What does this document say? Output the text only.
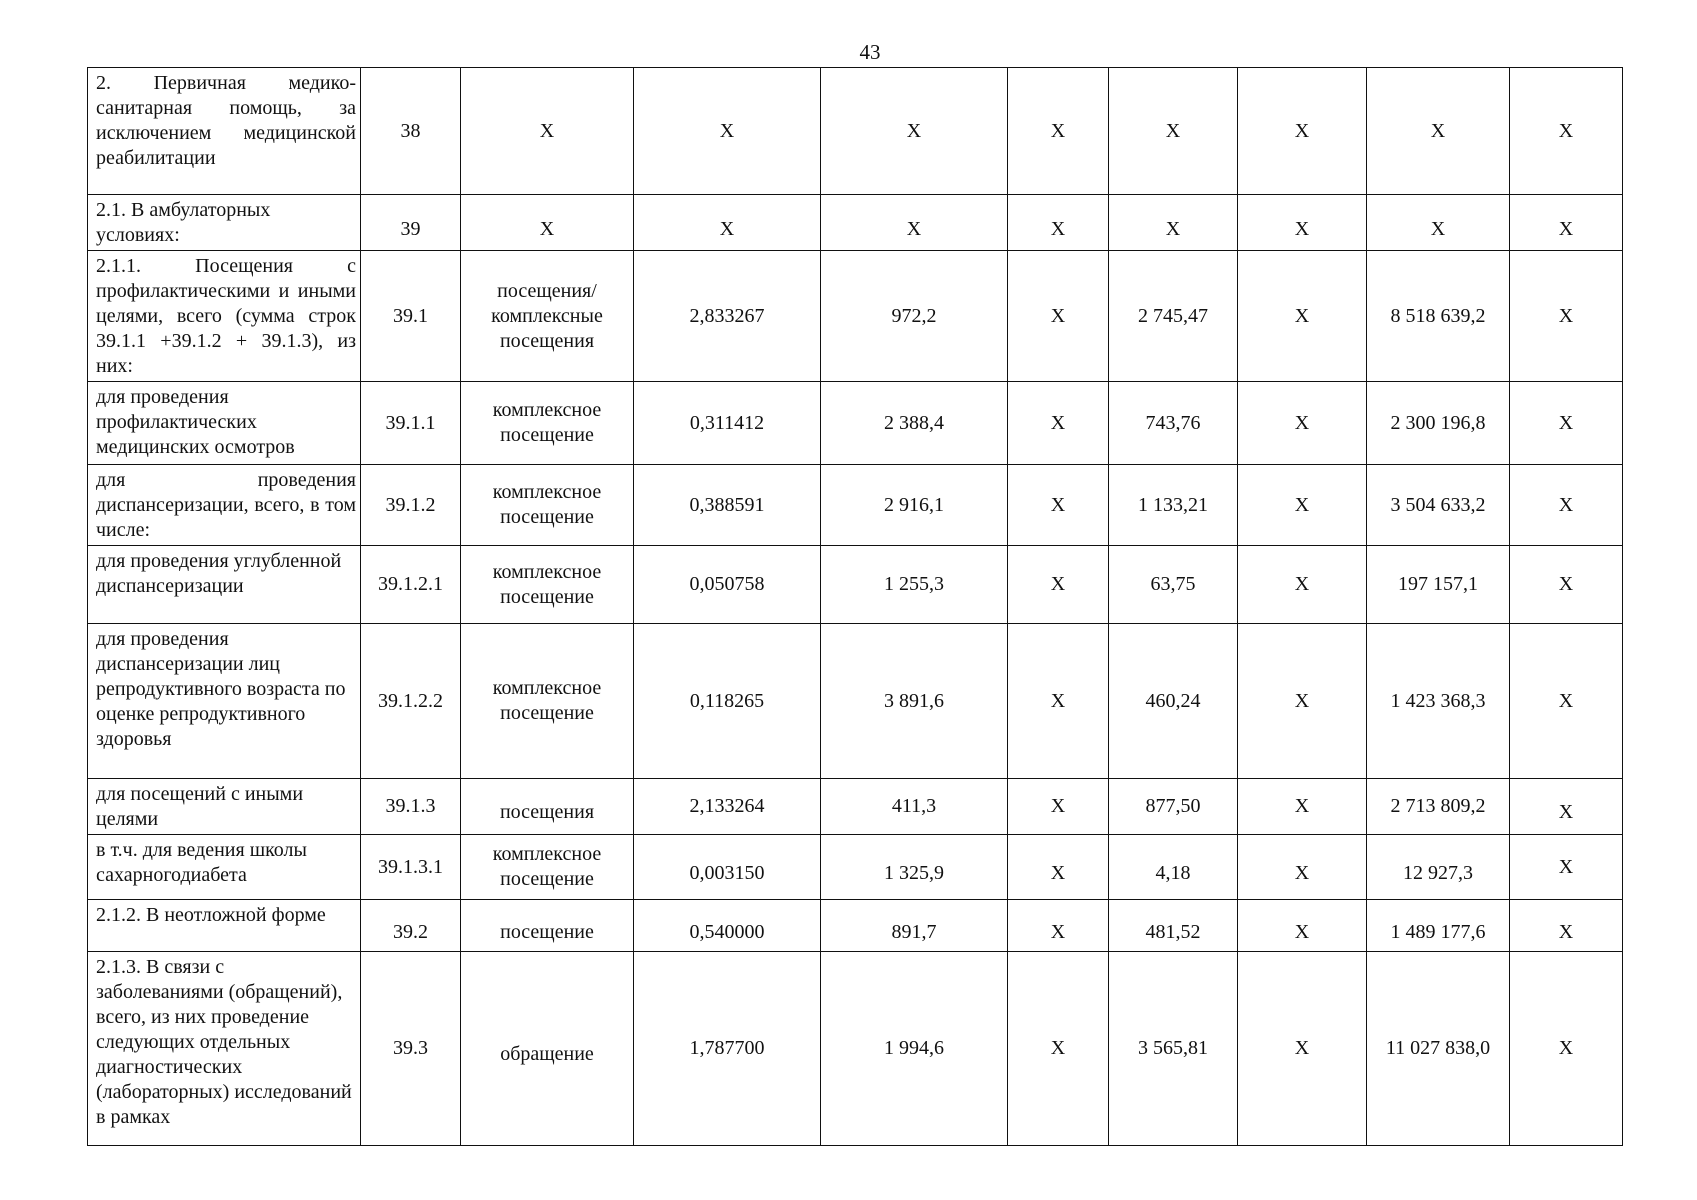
43
2. Первичная медико-санитарная помощь, за исключением медицинской реабилитации	38	Х	Х	Х	Х	Х	Х	Х	Х
2.1. В амбулаторных условиях:	39	Х	Х	Х	Х	Х	Х	Х	Х
2.1.1. Посещения с профилактическими и иными целями, всего (сумма строк 39.1.1 +39.1.2 + 39.1.3), из них:	39.1	посещения/ комплексные посещения	2,833267	972,2	Х	2 745,47	Х	8 518 639,2	Х
для проведения профилактических медицинских осмотров	39.1.1	комплексное посещение	0,311412	2 388,4	Х	743,76	Х	2 300 196,8	Х
для проведения диспансеризации, всего, в том числе:	39.1.2	комплексное посещение	0,388591	2 916,1	Х	1 133,21	Х	3 504 633,2	Х
для проведения углубленной диспансеризации	39.1.2.1	комплексное посещение	0,050758	1 255,3	Х	63,75	Х	197 157,1	Х
для проведения диспансеризации лиц репродуктивного возраста по оценке репродуктивного здоровья	39.1.2.2	комплексное посещение	0,118265	3 891,6	Х	460,24	Х	1 423 368,3	Х
для посещений с иными целями	39.1.3	посещения	2,133264	411,3	Х	877,50	Х	2 713 809,2	Х
в т.ч. для ведения школы сахарногодиабета	39.1.3.1	комплексное посещение	0,003150	1 325,9	Х	4,18	Х	12 927,3	Х
2.1.2. В неотложной форме	39.2	посещение	0,540000	891,7	Х	481,52	Х	1 489 177,6	Х
2.1.3. В связи с заболеваниями (обращений), всего, из них проведение следующих отдельных диагностических (лабораторных) исследований в рамках	39.3	обращение	1,787700	1 994,6	Х	3 565,81	Х	11 027 838,0	Х
